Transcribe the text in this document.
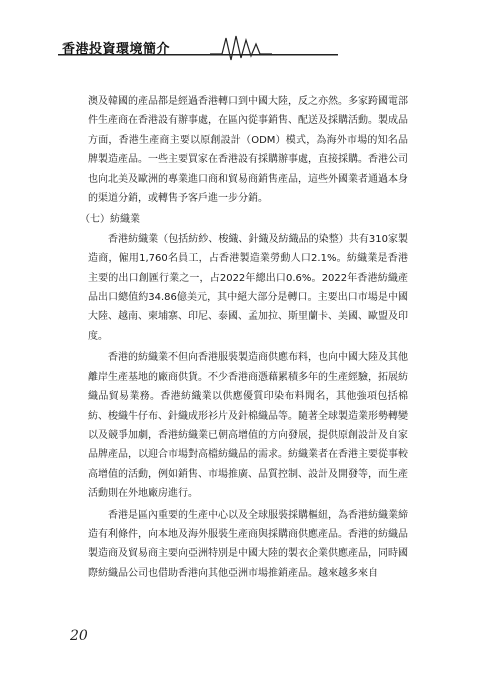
香港投資環境簡介

澳及韓國的產品都是經過香港轉口到中國大陸，反之亦然。多家跨國電部件生產商在香港設有辦事處，在區內從事銷售、配送及採購活動。製成品方面，香港生產商主要以原創設計（ODM）模式，為海外市場的知名品牌製造產品。一些主要買家在香港設有採購辦事處，直接採購。香港公司也向北美及歐洲的專業進口商和貿易商銷售產品，這些外國業者通過本身的渠道分銷，或轉售予客戶進一步分銷。

（七）紡織業

香港紡織業（包括紡紗、梭織、針織及紡織品的染整）共有310家製造商，僱用1,760名員工，占香港製造業勞動人口2.1%。紡織業是香港主要的出口創匯行業之一，占2022年總出口0.6%。2022年香港紡織產品出口總值約34.86億美元，其中絕大部分是轉口。主要出口市場是中國大陸、越南、柬埔寨、印尼、泰國、孟加拉、斯里蘭卡、美國、歐盟及印度。

香港的紡織業不但向香港服裝製造商供應布料，也向中國大陸及其他離岸生產基地的廠商供貨。不少香港商憑藉累積多年的生產經驗，拓展紡織品貿易業務。香港紡織業以供應優質印染布料聞名，其他強項包括棉紡、梭織牛仔布、針織成形衫片及針棉織品等。隨著全球製造業形勢轉變以及競爭加劇，香港紡織業已朝高增值的方向發展，提供原創設計及自家品牌產品，以迎合市場對高檔紡織品的需求。紡織業者在香港主要從事較高增值的活動，例如銷售、市場推廣、品質控制、設計及開發等，而生產活動則在外地廠房進行。

香港是區內重要的生產中心以及全球服裝採購樞紐，為香港紡織業締造有利條件，向本地及海外服裝生產商與採購商供應產品。香港的紡織品製造商及貿易商主要向亞洲特別是中國大陸的製衣企業供應產品，同時國際紡織品公司也借助香港向其他亞洲市場推銷產品。越來越多來自

20
